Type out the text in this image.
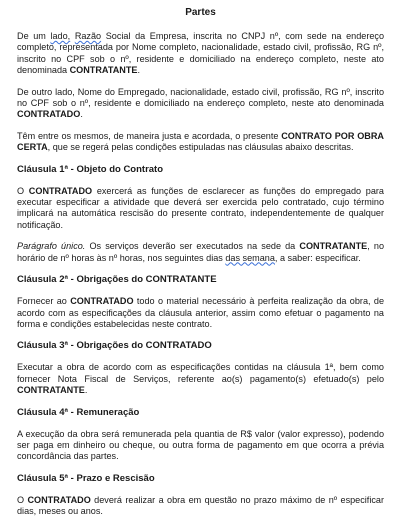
Partes

De um lado, Razão Social da Empresa, inscrita no CNPJ nº, com sede na endereço completo, representada por Nome completo, nacionalidade, estado civil, profissão, RG nº, inscrito no CPF sob o nº, residente e domiciliado na endereço completo, neste ato denominada CONTRATANTE.

De outro lado, Nome do Empregado, nacionalidade, estado civil, profissão, RG nº, inscrito no CPF sob o nº, residente e domiciliado na endereço completo, neste ato denominada CONTRATADO.

Têm entre os mesmos, de maneira justa e acordada, o presente CONTRATO POR OBRA CERTA, que se regerá pelas condições estipuladas nas cláusulas abaixo descritas.

Cláusula 1ª - Objeto do Contrato

O CONTRATADO exercerá as funções de esclarecer as funções do empregado para executar especificar a atividade que deverá ser exercida pelo contratado, cujo término implicará na automática rescisão do presente contrato, independentemente de qualquer notificação.

Parágrafo único. Os serviços deverão ser executados na sede da CONTRATANTE, no horário de nº horas às nº horas, nos seguintes dias das semana, a saber: especificar.

Cláusula 2ª - Obrigações do CONTRATANTE

Fornecer ao CONTRATADO todo o material necessário à perfeita realização da obra, de acordo com as especificações da cláusula anterior, assim como efetuar o pagamento na forma e condições estabelecidas neste contrato.

Cláusula 3ª - Obrigações do CONTRATADO

Executar a obra de acordo com as especificações contidas na cláusula 1ª, bem como fornecer Nota Fiscal de Serviços, referente ao(s) pagamento(s) efetuado(s) pelo CONTRATANTE.

Cláusula 4ª - Remuneração

A execução da obra será remunerada pela quantia de R$ valor (valor expresso), podendo ser paga em dinheiro ou cheque, ou outra forma de pagamento em que ocorra a prévia concordância das partes.

Cláusula 5ª - Prazo e Rescisão

O CONTRATADO deverá realizar a obra em questão no prazo máximo de nº especificar dias, meses ou anos.
